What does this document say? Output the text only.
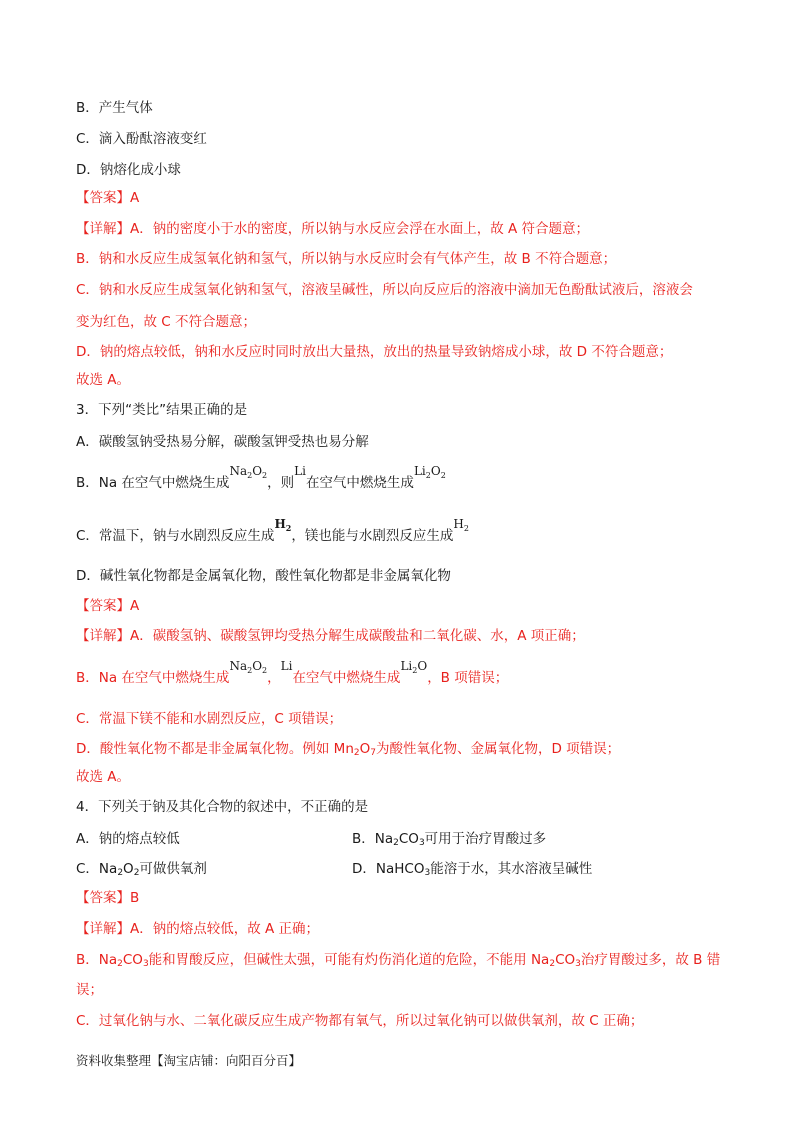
B．产生气体
C．滴入酚酞溶液变红
D．钠熔化成小球
【答案】A
【详解】A．钠的密度小于水的密度，所以钠与水反应会浮在水面上，故 A 符合题意；
B．钠和水反应生成氢氧化钠和氢气，所以钠与水反应时会有气体产生，故 B 不符合题意；
C．钠和水反应生成氢氧化钠和氢气，溶液呈碱性，所以向反应后的溶液中滴加无色酚酞试液后，溶液会
变为红色，故 C 不符合题意；
D．钠的熔点较低，钠和水反应时同时放出大量热，放出的热量导致钠熔成小球，故 D 不符合题意；
故选 A。
3．下列“类比”结果正确的是
A．碳酸氢钠受热易分解，碳酸氢钾受热也易分解
B．Na 在空气中燃烧生成$Na_2O_2$，则Li在空气中燃烧生成$Li_2O_2$
C．常温下，钠与水剧烈反应生成$H_2$，镁也能与水剧烈反应生成$H_2$
D．碱性氧化物都是金属氧化物，酸性氧化物都是非金属氧化物
【答案】A
【详解】A．碳酸氢钠、碳酸氢钾均受热分解生成碳酸盐和二氧化碳、水，A 项正确；
B．Na 在空气中燃烧生成$Na_2O_2$，Li在空气中燃烧生成$Li_2O$，B 项错误；
C．常温下镁不能和水剧烈反应，C 项错误；
D．酸性氧化物不都是非金属氧化物。例如 $Mn_2O_7$为酸性氧化物、金属氧化物，D 项错误；
故选 A。
4．下列关于钠及其化合物的叙述中，不正确的是
A．钠的熔点较低	B．$Na_2CO_3$可用于治疗胃酸过多
C．$Na_2O_2$可做供氧剂	D．NaHCO$_3$能溶于水，其水溶液呈碱性
【答案】B
【详解】A．钠的熔点较低，故 A 正确；
B．$Na_2CO_3$能和胃酸反应，但碱性太强，可能有灼伤消化道的危险，不能用 $Na_2CO_3$治疗胃酸过多，故 B 错
误；
C．过氧化钠与水、二氧化碳反应生成产物都有氧气，所以过氧化钠可以做供氧剂，故 C 正确；
资料收集整理【淘宝店铺：向阳百分百】
